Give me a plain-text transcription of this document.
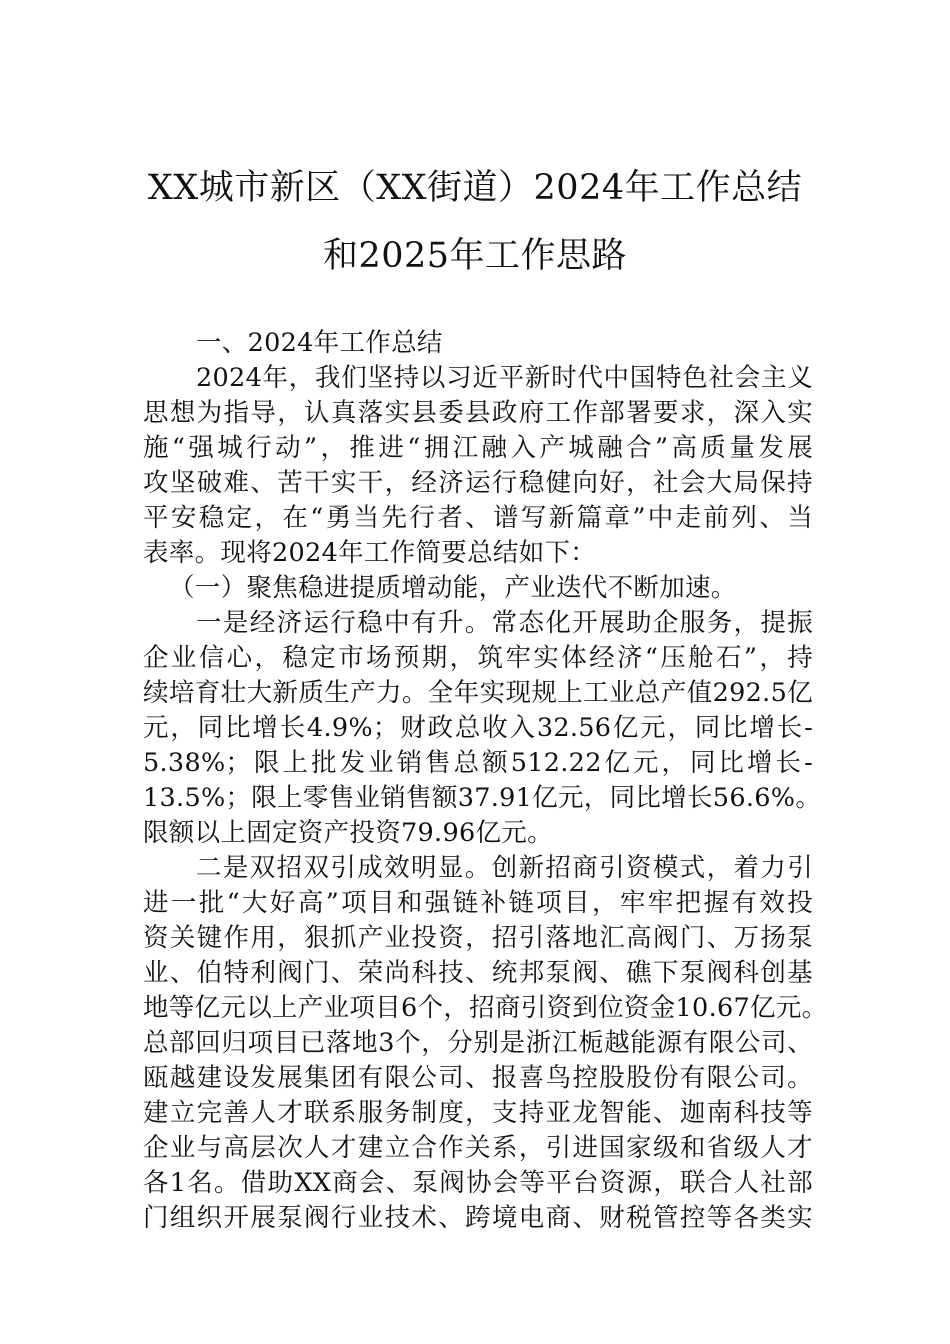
XX城市新区（XX街道）2024年工作总结
和2025年工作思路
一、2024年工作总结
2024年，我们坚持以习近平新时代中国特色社会主义
思想为指导，认真落实县委县政府工作部署要求，深入实
施“强城行动”，推进“拥江融入产城融合”高质量发展
攻坚破难、苦干实干，经济运行稳健向好，社会大局保持
平安稳定，在“勇当先行者、谱写新篇章”中走前列、当
表率。现将2024年工作简要总结如下：
（一）聚焦稳进提质增动能，产业迭代不断加速。
一是经济运行稳中有升。常态化开展助企服务，提振
企业信心，稳定市场预期，筑牢实体经济“压舱石”，持
续培育壮大新质生产力。全年实现规上工业总产值292.5亿
元，同比增长4.9%；财政总收入32.56亿元，同比增长-
5.38%；限上批发业销售总额512.22亿元，同比增长-
13.5%；限上零售业销售额37.91亿元，同比增长56.6%。
限额以上固定资产投资79.96亿元。
二是双招双引成效明显。创新招商引资模式，着力引
进一批“大好高”项目和强链补链项目，牢牢把握有效投
资关键作用，狠抓产业投资，招引落地汇高阀门、万扬泵
业、伯特利阀门、荣尚科技、统邦泵阀、礁下泵阀科创基
地等亿元以上产业项目6个，招商引资到位资金10.67亿元。
总部回归项目已落地3个，分别是浙江栀越能源有限公司、
瓯越建设发展集团有限公司、报喜鸟控股股份有限公司。
建立完善人才联系服务制度，支持亚龙智能、迦南科技等
企业与高层次人才建立合作关系，引进国家级和省级人才
各1名。借助XX商会、泵阀协会等平台资源，联合人社部
门组织开展泵阀行业技术、跨境电商、财税管控等各类实
